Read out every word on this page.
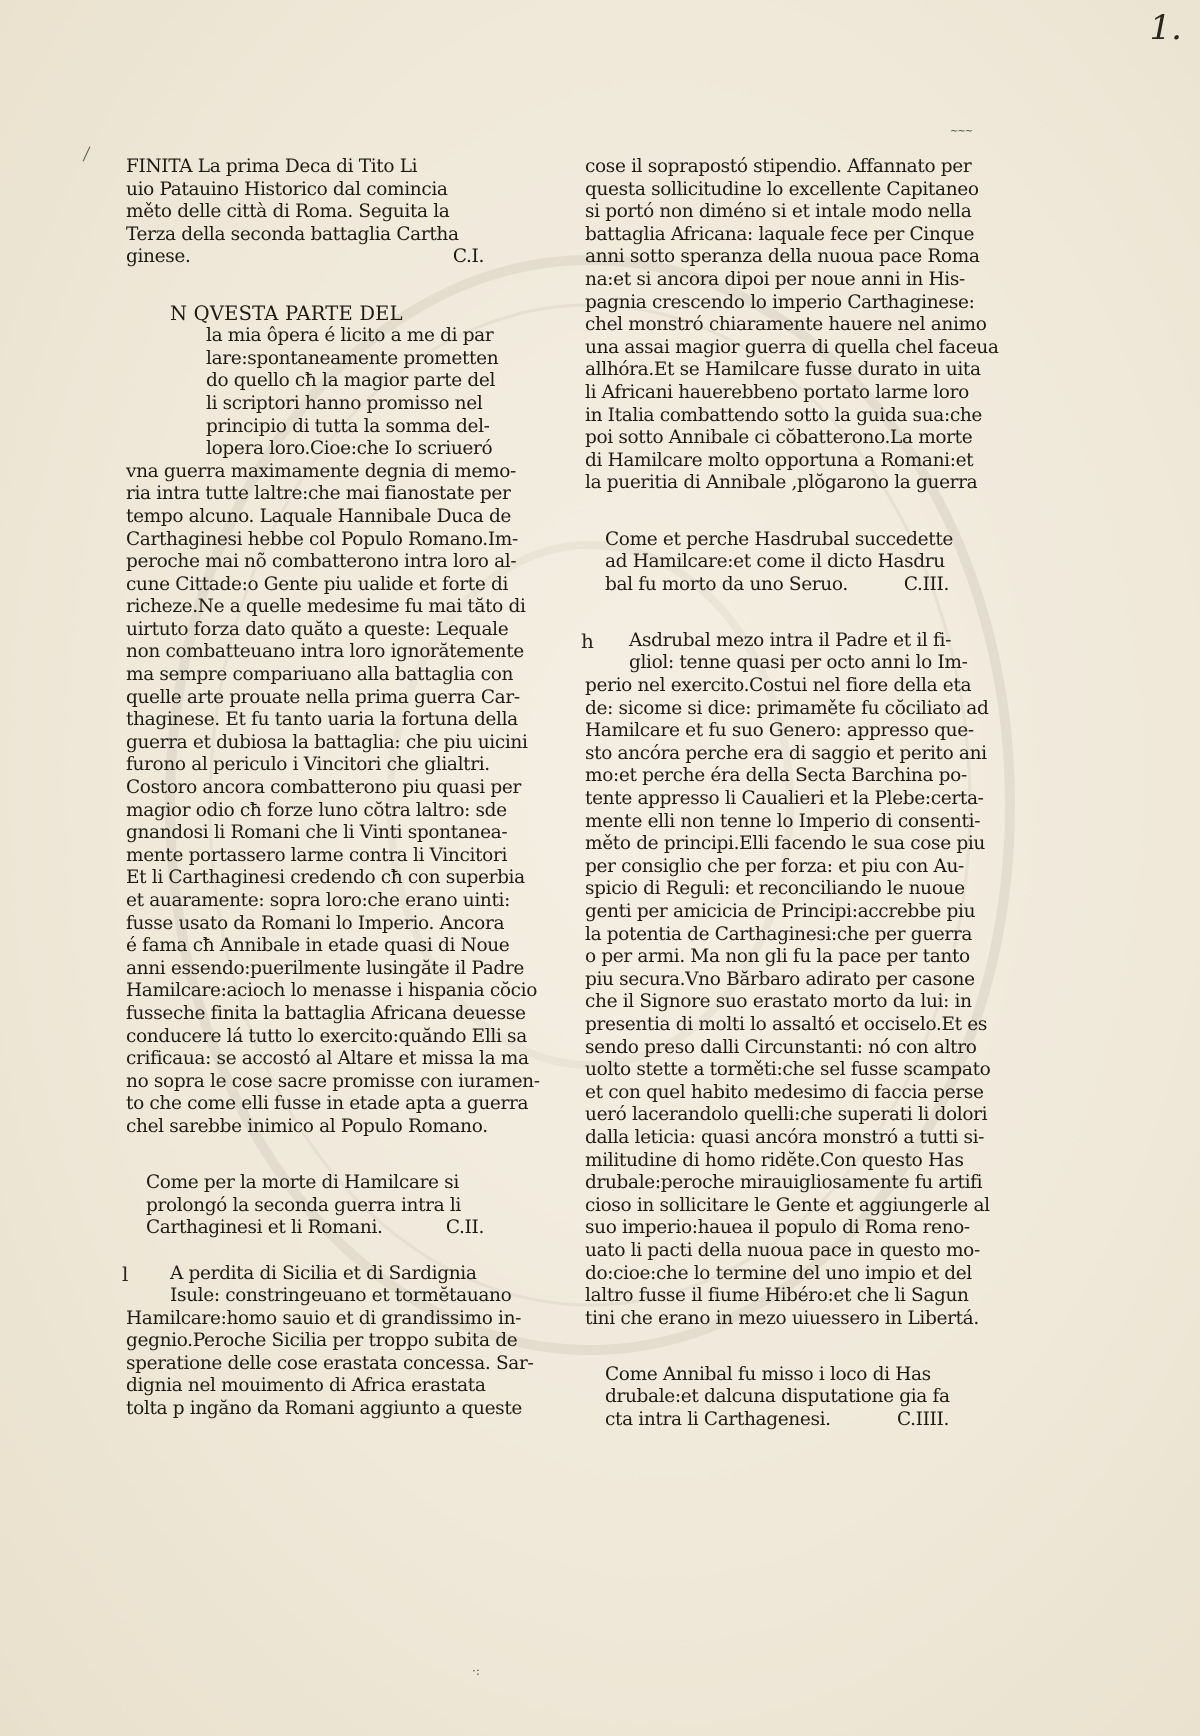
1.
~~~
·:
FINITA La prima Deca di Tito Li
uio Patauino Historico dal comincia
měto delle città di Roma. Seguita la
Terza della seconda battaglia Cartha
ginese.	C.I.
N QVESTA PARTE DEL
la mia ôpera é licito a me di par
lare:spontaneamente prometten
do quello cħ la magior parte del
li scriptori hanno promisso nel
principio di tutta la somma del-
lopera loro.Cioe:che Io scriueró
vna guerra maximamente degnia di memo-
ria intra tutte laltre:che mai fianostate per
tempo alcuno. Laquale Hannibale Duca de
Carthaginesi hebbe col Populo Romano.Im-
peroche mai nõ combatterono intra loro al-
cune Cittade:o Gente piu ualide et forte di
richeze.Ne a quelle medesime fu mai tăto di
uirtuto forza dato quăto a queste: Lequale
non combatteuano intra loro ignorătemente
ma sempre compariuano alla battaglia con
quelle arte prouate nella prima guerra Car-
thaginese. Et fu tanto uaria la fortuna della
guerra et dubiosa la battaglia: che piu uicini
furono al periculo i Vincitori che glialtri.
Costoro ancora combatterono piu quasi per
magior odio cħ forze luno cŏtra laltro: sde
gnandosi li Romani che li Vinti spontanea-
mente portassero larme contra li Vincitori
Et li Carthaginesi credendo cħ con superbia
et auaramente: sopra loro:che erano uinti:
fusse usato da Romani lo Imperio. Ancora
é fama cħ Annibale in etade quasi di Noue
anni essendo:puerilmente lusingăte il Padre
Hamilcare:acioch lo menasse i hispania cŏcio
fusseche finita la battaglia Africana deuesse
conducere lá tutto lo exercito:quăndo Elli sa
crificaua: se accostó al Altare et missa la ma
no sopra le cose sacre promisse con iuramen-
to che come elli fusse in etade apta a guerra
chel sarebbe inimico al Populo Romano.
Come per la morte di Hamilcare si
prolongó la seconda guerra intra li
Carthaginesi et li Romani.	C.II.
l	A perdita di Sicilia et di Sardignia
Isule: constringeuano et tormĕtauano
Hamilcare:homo sauio et di grandissimo in-
gegnio.Peroche Sicilia per troppo subita de
speratione delle cose erastata concessa. Sar-
dignia nel mouimento di Africa erastata
tolta p ingăno da Romani aggiunto a queste
cose il soprapostó stipendio. Affannato per
questa sollicitudine lo excellente Capitaneo
si portó non diméno si et intale modo nella
battaglia Africana: laquale fece per Cinque
anni sotto speranza della nuoua pace Roma
na:et si ancora dipoi per noue anni in His-
pagnia crescendo lo imperio Carthaginese:
chel monstró chiaramente hauere nel animo
una assai magior guerra di quella chel faceua
allhóra.Et se Hamilcare fusse durato in uita
li Africani hauerebbeno portato larme loro
in Italia combattendo sotto la guida sua:che
poi sotto Annibale ci cŏbatterono.La morte
di Hamilcare molto opportuna a Romani:et
la pueritia di Annibale ,plŏgarono la guerra
Come et perche Hasdrubal succedette
ad Hamilcare:et come il dicto Hasdru
bal fu morto da uno Seruo.	C.III.
h	Asdrubal mezo intra il Padre et il fi-
gliol: tenne quasi per octo anni lo Im-
perio nel exercito.Costui nel fiore della eta
de: sicome si dice: primaměte fu cŏciliato ad
Hamilcare et fu suo Genero: appresso que-
sto ancóra perche era di saggio et perito ani
mo:et perche éra della Secta Barchina po-
tente appresso li Caualieri et la Plebe:certa-
mente elli non tenne lo Imperio di consenti-
měto de principi.Elli facendo le sua cose piu
per consiglio che per forza: et piu con Au-
spicio di Reguli: et reconciliando le nuoue
genti per amicicia de Principi:accrebbe piu
la potentia de Carthaginesi:che per guerra
o per armi. Ma non gli fu la pace per tanto
piu secura.Vno Bărbaro adirato per casone
che il Signore suo erastato morto da lui: in
presentia di molti lo assaltó et occiselo.Et es
sendo preso dalli Circunstanti: nó con altro
uolto stette a torměti:che sel fusse scampato
et con quel habito medesimo di faccia perse
ueró lacerandolo quelli:che superati li dolori
dalla leticia: quasi ancóra monstró a tutti si-
militudine di homo ridĕte.Con questo Has
drubale:peroche mirauigliosamente fu artifi
cioso in sollicitare le Gente et aggiungerle al
suo imperio:hauea il populo di Roma reno-
uato li pacti della nuoua pace in questo mo-
do:cioe:che lo termine del uno impio et del
laltro fusse il fiume Hibéro:et che li Sagun
tini che erano in mezo uiuessero in Libertá.
Come Annibal fu misso i loco di Has
drubale:et dalcuna disputatione gia fa
cta intra li Carthagenesi.	C.IIII.
